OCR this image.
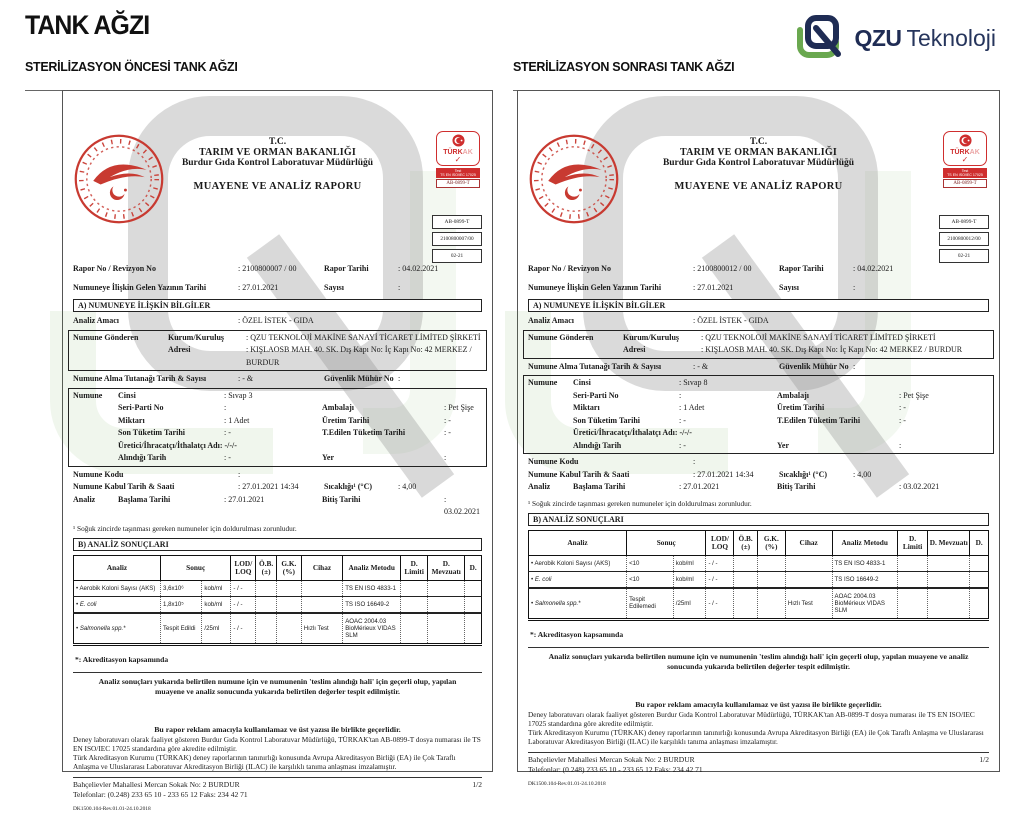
TANK AĞZI	QZU Teknoloji
STERİLİZASYON ÖNCESİ TANK AĞZI
T.C.
TARIM VE ORMAN BAKANLIĞI
Burdur Gıda Kontrol Laboratuvar Müdürlüğü
MUAYENE VE ANALİZ RAPORU
TÜRKAK
✓
Test
TS EN ISO/IEC 17025
AB-0899-T
AB-0899-T
2100800007/00
02-21
Rapor No / Revizyon No	: 2100800007 / 00	Rapor Tarihi	: 04.02.2021
Numuneye İlişkin Gelen Yazının Tarihi	: 27.01.2021	Sayısı	:
A) NUMUNEYE İLİŞKİN BİLGİLER
Analiz Amacı	: ÖZEL İSTEK - GIDA
Numune Gönderen	Kurum/Kuruluş	: QZU TEKNOLOJİ MAKİNE SANAYİ TİCARET LİMİTED ŞİRKETİ
Adresi	: KIŞLAOSB MAH. 40. SK. Dış Kapı No: İç Kapı No: 42 MERKEZ / BURDUR
Numune Alma Tutanağı Tarih & Sayısı	: - &	Güvenlik Mühür No :
Numune	Cinsi	: Sıvap 3
Seri-Parti No	:	Ambalajı	: Pet Şişe
Miktarı	: 1 Adet	Üretim Tarihi	: -
Son Tüketim Tarihi	: -	T.Edilen Tüketim Tarihi	: -
Üretici/İhracatçı/İthalatçı Adı: -/-/-
Alındığı Tarih	: -	Yer	:
Numune Kodu	:
Numune Kabul Tarih & Saati	: 27.01.2021 14:34	Sıcaklığı¹ (°C)	: 4,00
Analiz	Başlama Tarihi	: 27.01.2021	Bitiş Tarihi	: 03.02.2021
¹ Soğuk zincirde taşınması gereken numuneler için doldurulması zorunludur.
B) ANALİZ SONUÇLARI
Analiz	Sonuç		LOD/ LOQ	Ö.B. (±)	G.K. (%)	Cihaz	Analiz Metodu	D. Limiti	D. Mevzuatı	D.
• Aerobik Koloni Sayısı (AKS)	3,6x10⁶	kob/ml	- / -				TS EN ISO 4833-1			
• E. coli	1,8x10⁵	kob/ml	- / -				TS ISO 16649-2			
• Salmonella spp.*	Tespit Edildi	/25ml	- / -			Hızlı Test	AOAC 2004.03 BioMérieux VIDAS SLM			
*: Akreditasyon kapsamında
Analiz sonuçları yukarıda belirtilen numune için ve numunenin 'teslim alındığı hali' için geçerli olup, yapılan muayene ve analiz sonucunda yukarıda belirtilen değerler tespit edilmiştir.
Bu rapor reklam amacıyla kullanılamaz ve üst yazısı ile birlikte geçerlidir.
Deney laboratuvarı olarak faaliyet gösteren Burdur Gıda Kontrol Laboratuvar Müdürlüğü, TÜRKAK'tan AB-0899-T dosya numarası ile TS EN ISO/IEC 17025 standardına göre akredite edilmiştir.
Türk Akreditasyon Kurumu (TÜRKAK) deney raporlarının tanınırlığı konusunda Avrupa Akreditasyon Birliği (EA) ile Çok Taraflı Anlaşma ve Uluslararası Laboratuvar Akreditasyon Birliği (ILAC) ile karşılıklı tanıma anlaşması imzalamıştır.
Bahçelievler Mahallesi Mercan Sokak No: 2 BURDUR	1/2
Telefonlar: (0.248) 233 65 10 - 233 65 12 Faks: 234 42 71
DK1500.104-Rev.01.01-24.10.2018
STERİLİZASYON SONRASI TANK AĞZI
T.C.
TARIM VE ORMAN BAKANLIĞI
Burdur Gıda Kontrol Laboratuvar Müdürlüğü
MUAYENE VE ANALİZ RAPORU
TÜRKAK
✓
Test
TS EN ISO/IEC 17025
AB-0899-T
AB-0899-T
2100800012/00
02-21
Rapor No / Revizyon No	: 2100800012 / 00	Rapor Tarihi	: 04.02.2021
Numuneye İlişkin Gelen Yazının Tarihi	: 27.01.2021	Sayısı	:
A) NUMUNEYE İLİŞKİN BİLGİLER
Analiz Amacı	: ÖZEL İSTEK - GIDA
Numune Gönderen	Kurum/Kuruluş	: QZU TEKNOLOJİ MAKİNE SANAYİ TİCARET LİMİTED ŞİRKETİ
Adresi	: KIŞLAOSB MAH. 40. SK. Dış Kapı No: İç Kapı No: 42 MERKEZ / BURDUR
Numune Alma Tutanağı Tarih & Sayısı	: - &	Güvenlik Mühür No :
Numune	Cinsi	: Sıvap 8
Seri-Parti No	:	Ambalajı	: Pet Şişe
Miktarı	: 1 Adet	Üretim Tarihi	: -
Son Tüketim Tarihi	: -	T.Edilen Tüketim Tarihi	: -
Üretici/İhracatçı/İthalatçı Adı: -/-/-
Alındığı Tarih	: -	Yer	:
Numune Kodu	:
Numune Kabul Tarih & Saati	: 27.01.2021 14:34	Sıcaklığı¹ (°C)	: 4,00
Analiz	Başlama Tarihi	: 27.01.2021	Bitiş Tarihi	: 03.02.2021
¹ Soğuk zincirde taşınması gereken numuneler için doldurulması zorunludur.
B) ANALİZ SONUÇLARI
Analiz	Sonuç		LOD/ LOQ	Ö.B. (±)	G.K. (%)	Cihaz	Analiz Metodu	D. Limiti	D. Mevzuatı	D.
• Aerobik Koloni Sayısı (AKS)	<10	kob/ml	- / -				TS EN ISO 4833-1			
• E. coli	<10	kob/ml	- / -				TS ISO 16649-2			
• Salmonella spp.*	Tespit Edilemedi	/25ml	- / -			Hızlı Test	AOAC 2004.03 BioMérieux VIDAS SLM			
*: Akreditasyon kapsamında
Analiz sonuçları yukarıda belirtilen numune için ve numunenin 'teslim alındığı hali' için geçerli olup, yapılan muayene ve analiz sonucunda yukarıda belirtilen değerler tespit edilmiştir.
Bu rapor reklam amacıyla kullanılamaz ve üst yazısı ile birlikte geçerlidir.
Deney laboratuvarı olarak faaliyet gösteren Burdur Gıda Kontrol Laboratuvar Müdürlüğü, TÜRKAK'tan AB-0899-T dosya numarası ile TS EN ISO/IEC 17025 standardına göre akredite edilmiştir.
Türk Akreditasyon Kurumu (TÜRKAK) deney raporlarının tanınırlığı konusunda Avrupa Akreditasyon Birliği (EA) ile Çok Taraflı Anlaşma ve Uluslararası Laboratuvar Akreditasyon Birliği (ILAC) ile karşılıklı tanıma anlaşması imzalamıştır.
Bahçelievler Mahallesi Mercan Sokak No: 2 BURDUR	1/2
Telefonlar: (0.248) 233 65 10 - 233 65 12 Faks: 234 42 71
DK1500.104-Rev.01.01-24.10.2018
